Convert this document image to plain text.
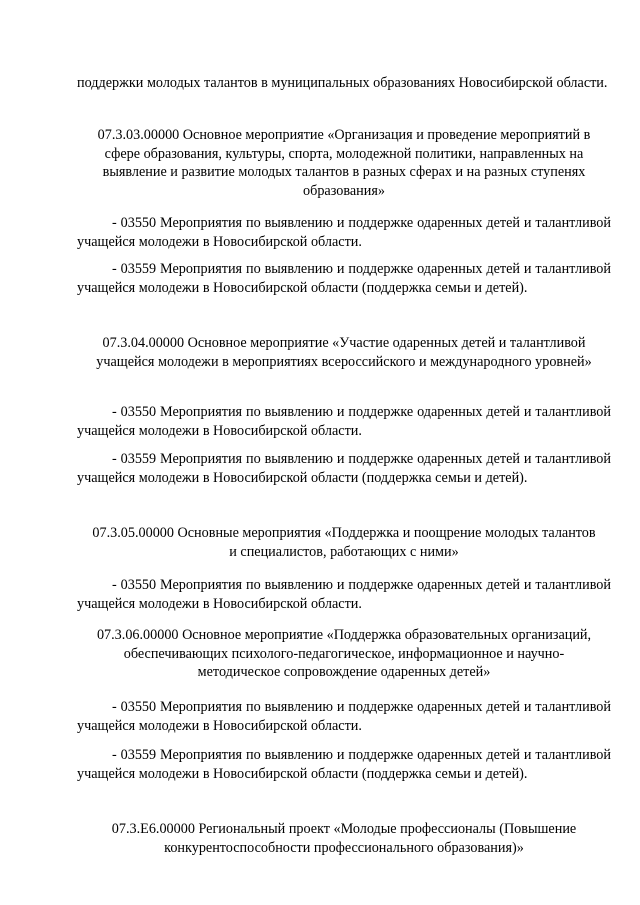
поддержки молодых талантов в муниципальных образованиях Новосибирской области.

07.3.03.00000 Основное мероприятие «Организация и проведение мероприятий в сфере образования, культуры, спорта, молодежной политики, направленных на выявление и развитие молодых талантов в разных сферах и на разных ступенях образования»

- 03550 Мероприятия по выявлению и поддержке одаренных детей и талантливой учащейся молодежи в Новосибирской области.

- 03559 Мероприятия по выявлению и поддержке одаренных детей и талантливой учащейся молодежи в Новосибирской области (поддержка семьи и детей).

07.3.04.00000 Основное мероприятие «Участие одаренных детей и талантливой учащейся молодежи в мероприятиях всероссийского и международного уровней»

- 03550 Мероприятия по выявлению и поддержке одаренных детей и талантливой учащейся молодежи в Новосибирской области.

- 03559 Мероприятия по выявлению и поддержке одаренных детей и талантливой учащейся молодежи в Новосибирской области (поддержка семьи и детей).

07.3.05.00000 Основные мероприятия «Поддержка и поощрение молодых талантов и специалистов, работающих с ними»

- 03550 Мероприятия по выявлению и поддержке одаренных детей и талантливой учащейся молодежи в Новосибирской области.

07.3.06.00000 Основное мероприятие «Поддержка образовательных организаций, обеспечивающих психолого-педагогическое, информационное и научно-методическое сопровождение одаренных детей»

- 03550 Мероприятия по выявлению и поддержке одаренных детей и талантливой учащейся молодежи в Новосибирской области.

- 03559 Мероприятия по выявлению и поддержке одаренных детей и талантливой учащейся молодежи в Новосибирской области (поддержка семьи и детей).

07.3.Е6.00000 Региональный проект «Молодые профессионалы (Повышение конкурентоспособности профессионального образования)»
